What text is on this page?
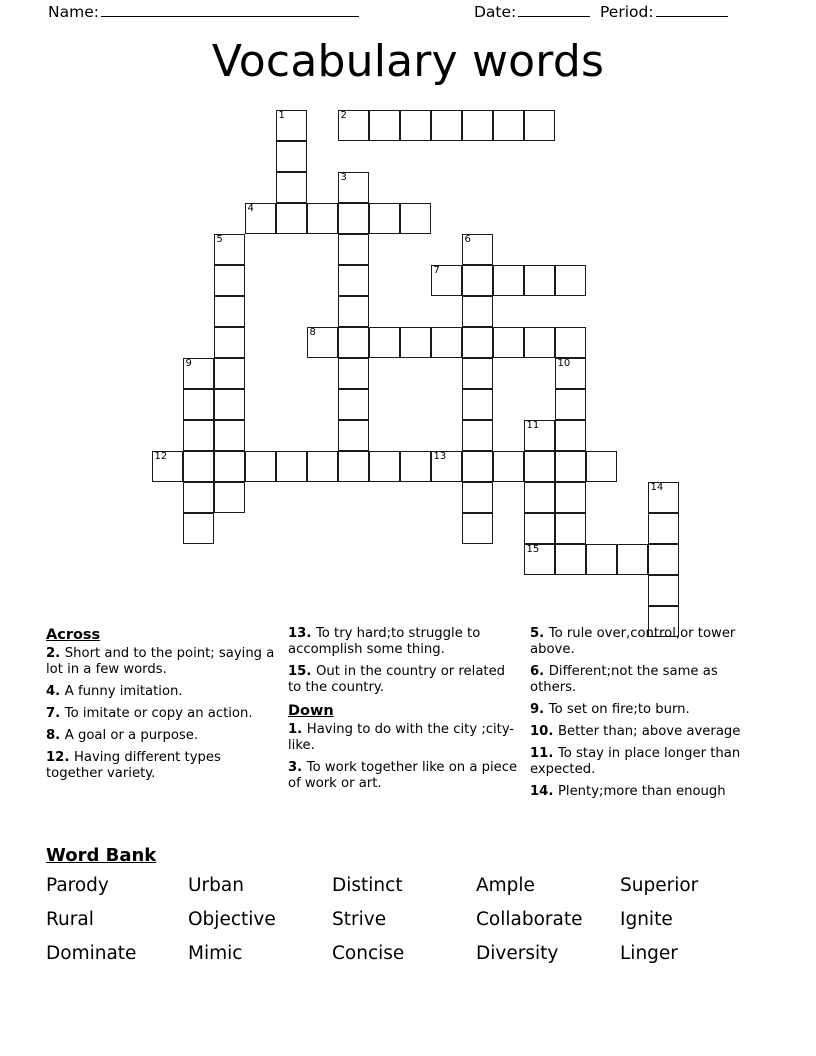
Name:	Date:	Period:
Vocabulary words
1	2
3
4
5	6
7
8
9	10
11
12	13
14
15
Across
2. Short and to the point; saying a lot in a few words.
4. A funny imitation.
7. To imitate or copy an action.
8. A goal or a purpose.
12. Having different types together variety.
13. To try hard;to struggle to accomplish some thing.
15. Out in the country or related to the country.
Down
1. Having to do with the city ;city-like.
3. To work together like on a piece of work or art.
5. To rule over,control,or tower above.
6. Different;not the same as others.
9. To set on fire;to burn.
10. Better than; above average
11. To stay in place longer than expected.
14. Plenty;more than enough
Word Bank
Parody	Urban	Distinct	Ample	Superior
Rural	Objective	Strive	Collaborate	Ignite
Dominate	Mimic	Concise	Diversity	Linger
